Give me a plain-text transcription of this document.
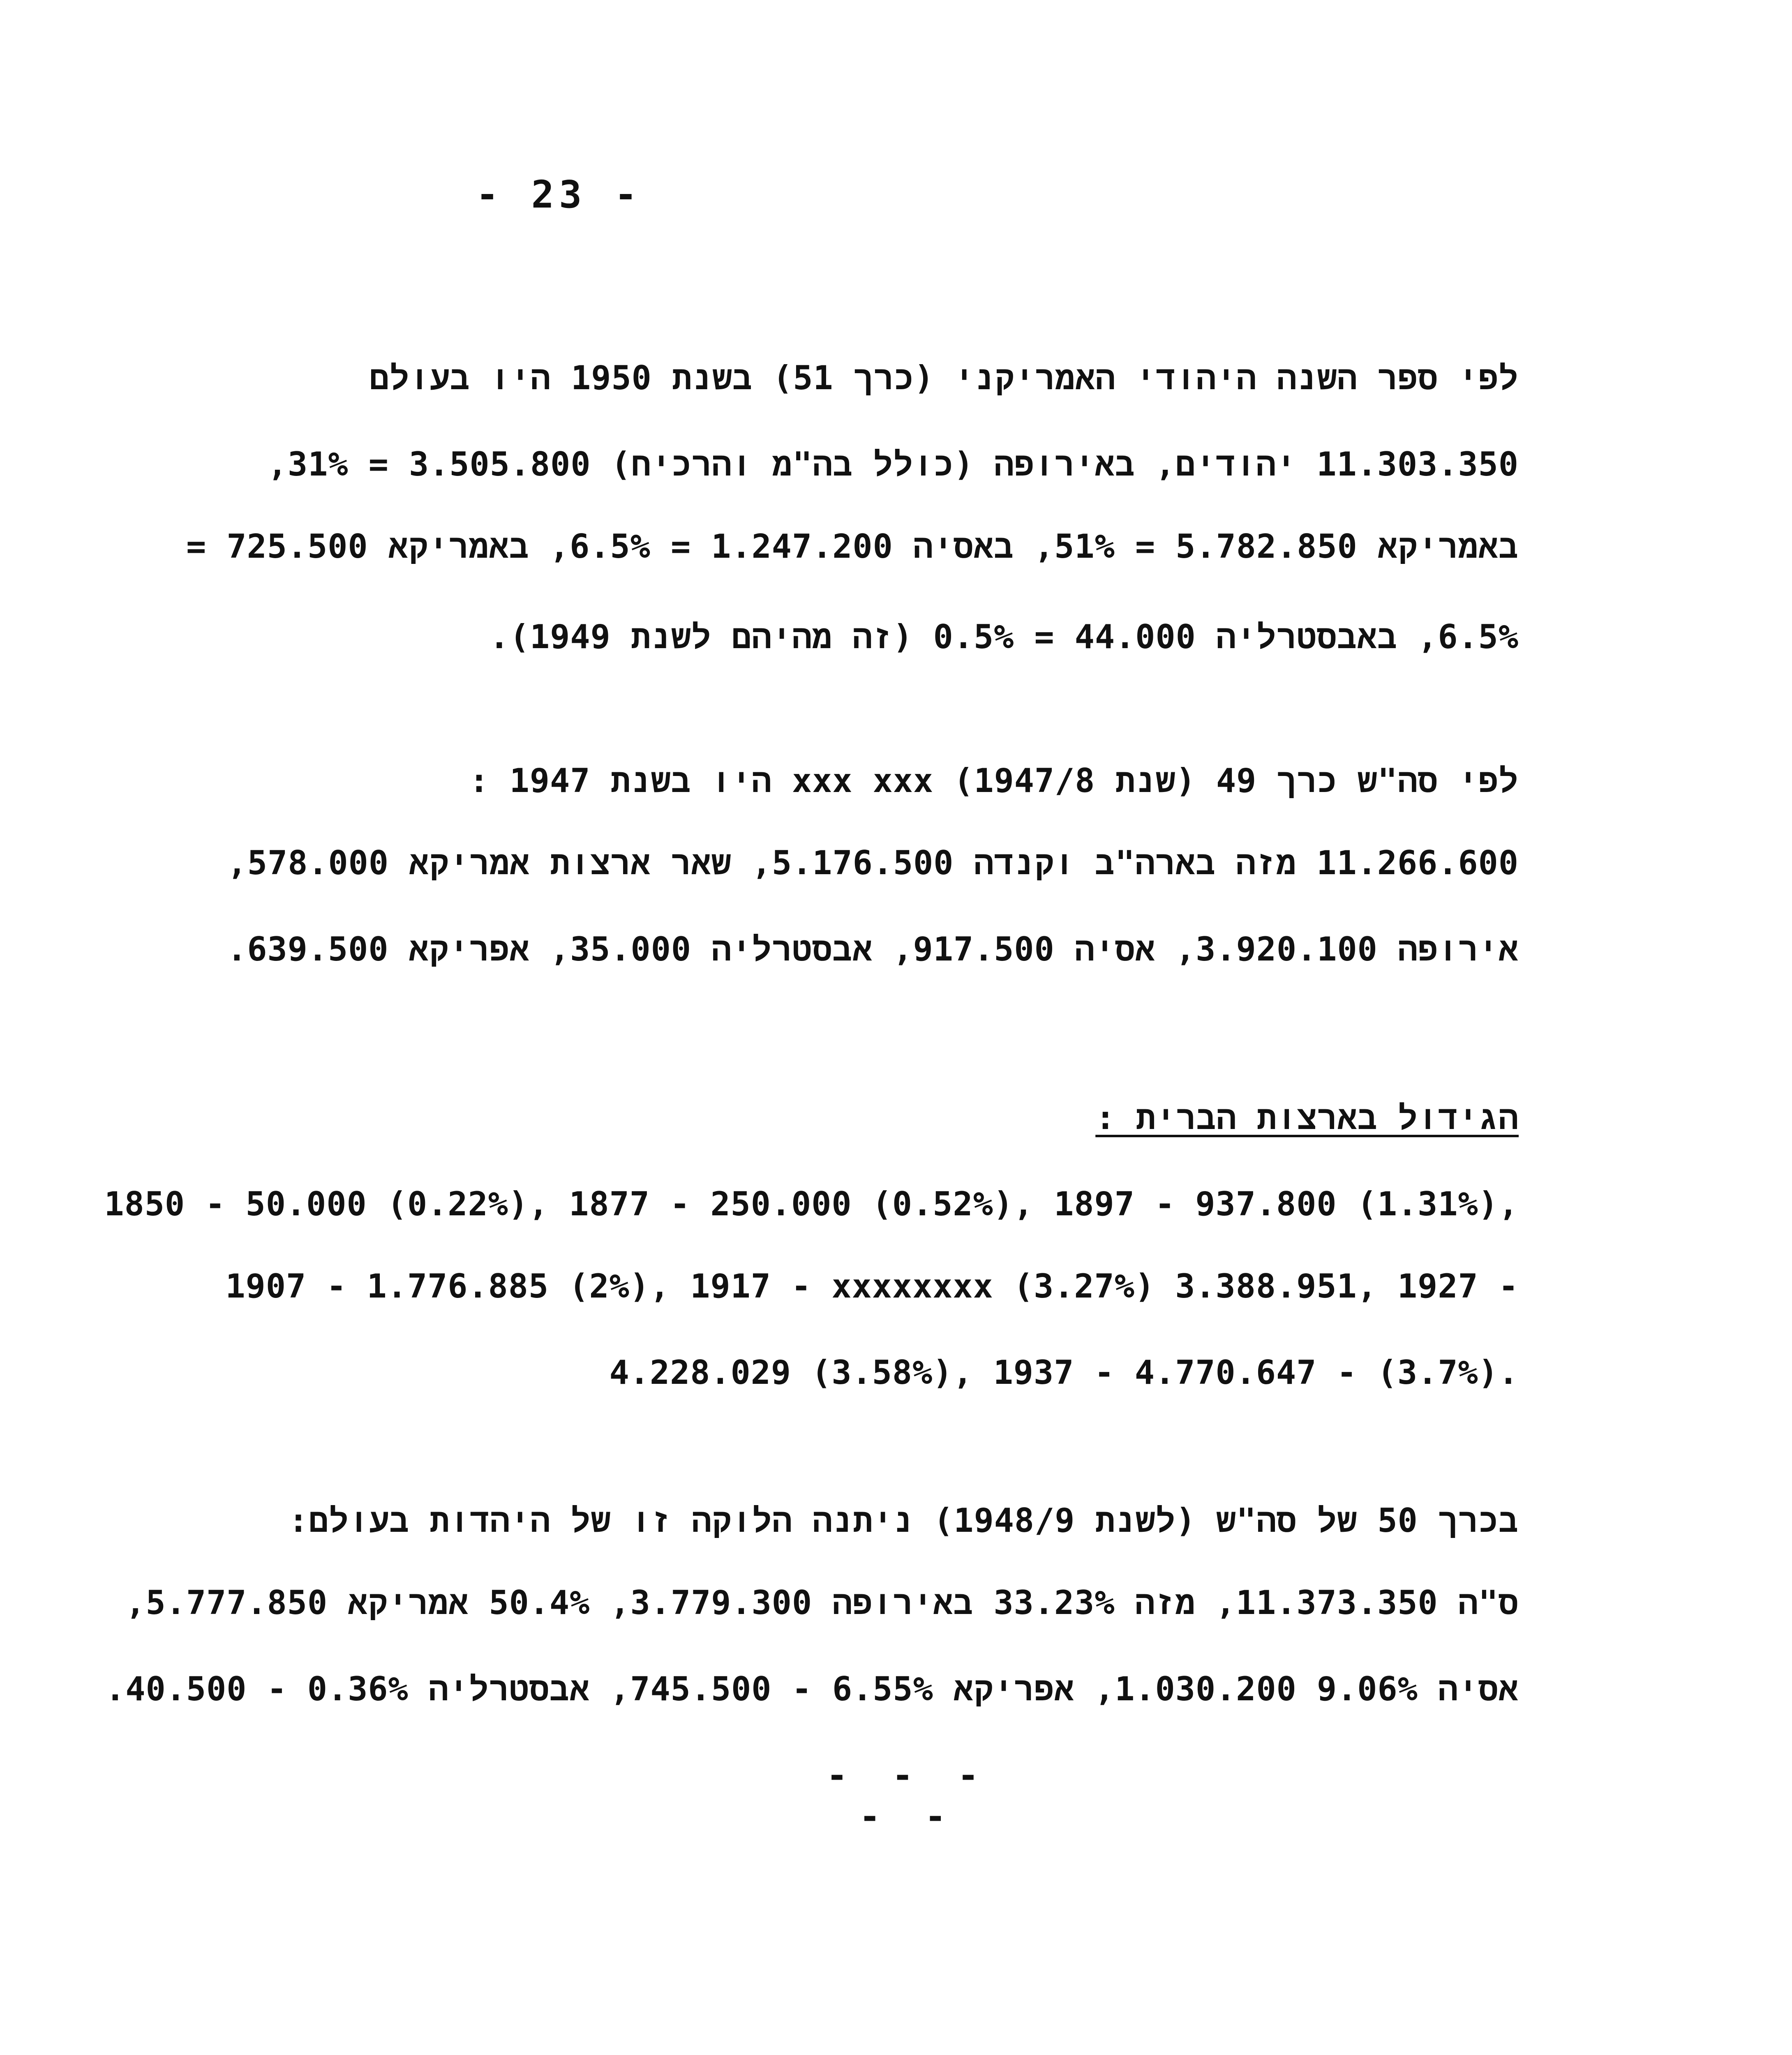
- 23 -
לפי ספר השנה היהודי האמריקני (כרך 51) בשנת 1950 היו בעולם
11.303.350 יהודים, באירופה (כולל בה"מ והרכיח) 3.505.800 = 31%,
באמריקא 5.782.850 = 51%, באסיה 1.247.200 = 6.5%, באמריקא 725.500 =
6.5%, באבסטרליה 44.000 = 0.5% (זה מהיהם לשנת 1949).
לפי סה"ש כרך 49 (שנת 1947/8) xxx xxx היו בשנת 1947 :
11.266.600 מזה בארה"ב וקנדה 5.176.500, שאר ארצות אמריקא 578.000,
אירופה 3.920.100, אסיה 917.500, אבסטרליה 35.000, אפריקא 639.500.
הגידול בארצות הברית :
1850 - 50.000 (0.22%), 1877 - 250.000 (0.52%), 1897 - 937.800 (1.31%),
1907 - 1.776.885 (2%), 1917 - xxxxxxxx (3.27%) 3.388.951, 1927 -
4.228.029 (3.58%), 1937 - 4.770.647 - (3.7%).
בכרך 50 של סה"ש (לשנת 1948/9) ניתנה הלוקה זו של היהדות בעולם:
ס"ה 11.373.350, מזה 33.23% באירופה 3.779.300, 50.4% אמריקא 5.777.850,
אסיה 9.06% 1.030.200, אפריקא 6.55% - 745.500, אבסטרליה 0.36% - 40.500.
- - - - -
